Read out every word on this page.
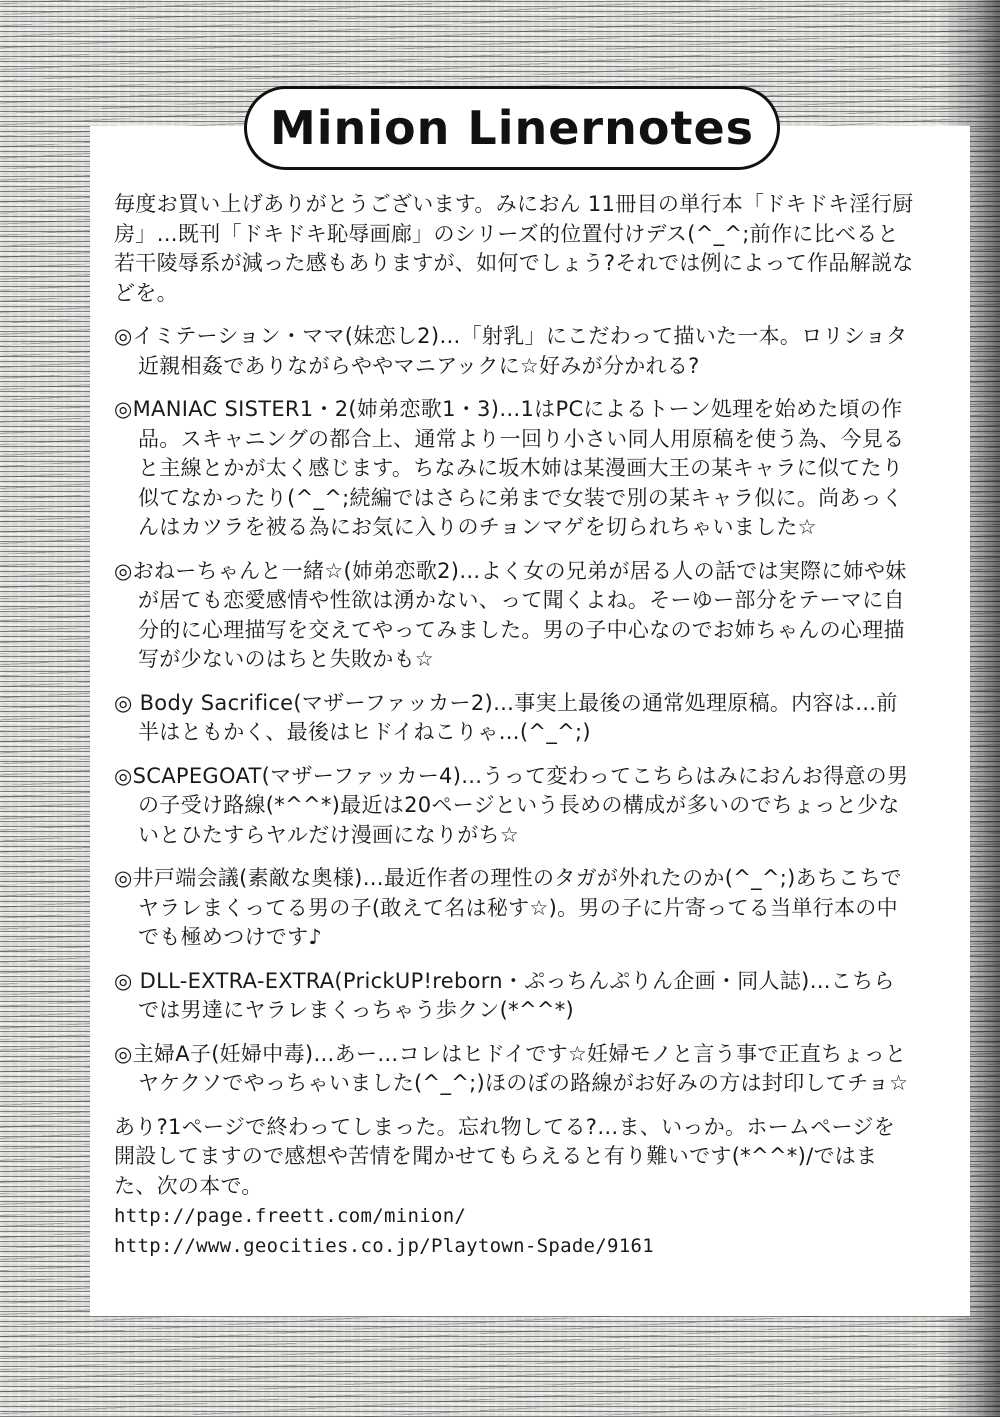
Minion Linernotes

毎度お買い上げありがとうございます。みにおん 11冊目の単行本「ドキドキ淫行厨房」…既刊「ドキドキ恥辱画廊」のシリーズ的位置付けデス(^_^;前作に比べると若干陵辱系が減った感もありますが、如何でしょう?それでは例によって作品解説などを。

◎イミテーション・ママ(妹恋し2)…「射乳」にこだわって描いた一本。ロリショタ近親相姦でありながらややマニアックに☆好みが分かれる?

◎MANIAC SISTER1・2(姉弟恋歌1・3)…1はPCによるトーン処理を始めた頃の作品。スキャニングの都合上、通常より一回り小さい同人用原稿を使う為、今見ると主線とかが太く感じます。ちなみに坂木姉は某漫画大王の某キャラに似てたり似てなかったり(^_^;続編ではさらに弟まで女装で別の某キャラ似に。尚あっくんはカツラを被る為にお気に入りのチョンマゲを切られちゃいました☆

◎おねーちゃんと一緒☆(姉弟恋歌2)…よく女の兄弟が居る人の話では実際に姉や妹が居ても恋愛感情や性欲は湧かない、って聞くよね。そーゆー部分をテーマに自分的に心理描写を交えてやってみました。男の子中心なのでお姉ちゃんの心理描写が少ないのはちと失敗かも☆

◎ Body Sacrifice(マザーファッカー2)…事実上最後の通常処理原稿。内容は…前半はともかく、最後はヒドイねこりゃ…(^_^;)

◎SCAPEGOAT(マザーファッカー4)…うって変わってこちらはみにおんお得意の男の子受け路線(*^^*)最近は20ページという長めの構成が多いのでちょっと少ないとひたすらヤルだけ漫画になりがち☆

◎井戸端会議(素敵な奥様)…最近作者の理性のタガが外れたのか(^_^;)あちこちでヤラレまくってる男の子(敢えて名は秘す☆)。男の子に片寄ってる当単行本の中でも極めつけです♪

◎ DLL-EXTRA-EXTRA(PrickUP!reborn・ぷっちんぷりん企画・同人誌)…こちらでは男達にヤラレまくっちゃう歩クン(*^^*)

◎主婦A子(妊婦中毒)…あー…コレはヒドイです☆妊婦モノと言う事で正直ちょっとヤケクソでやっちゃいました(^_^;)ほのぼの路線がお好みの方は封印してチョ☆

あり?1ページで終わってしまった。忘れ物してる?…ま、いっか。ホームページを開設してますので感想や苦情を聞かせてもらえると有り難いです(*^^*)/ではまた、次の本で。

http://page.freett.com/minion/

http://www.geocities.co.jp/Playtown-Spade/9161
